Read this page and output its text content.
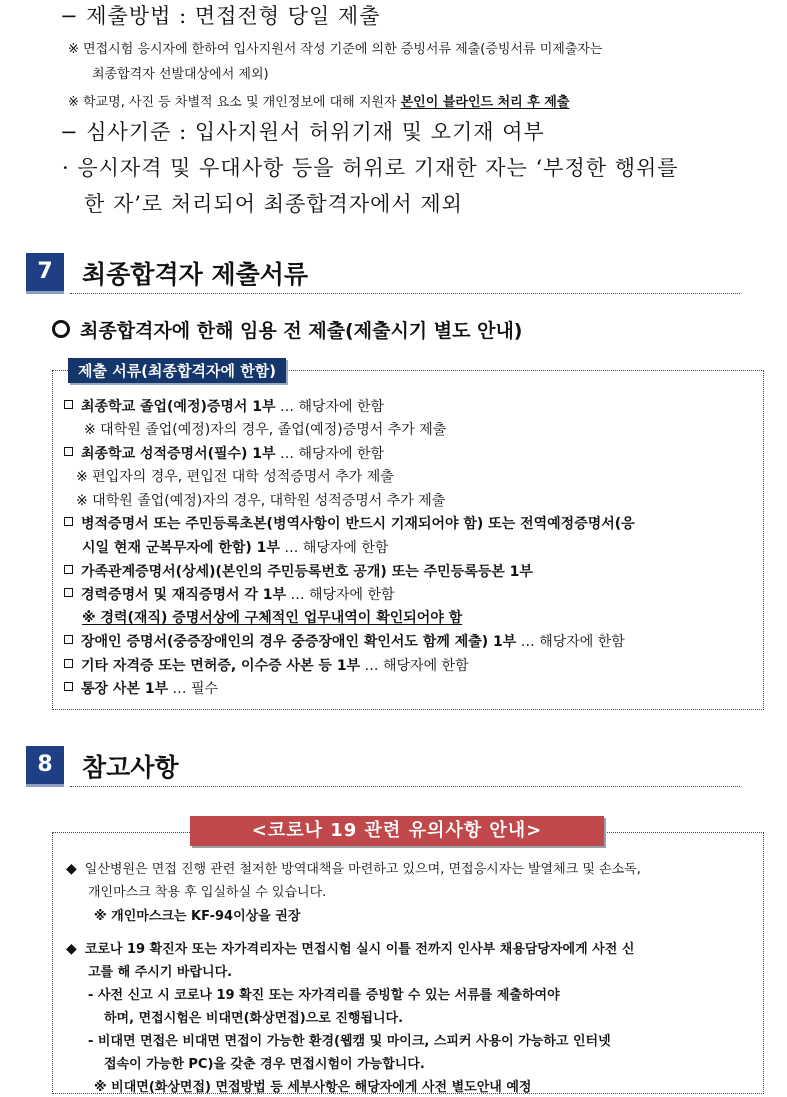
− 제출방법 : 면접전형 당일 제출
※ 면접시험 응시자에 한하여 입사지원서 작성 기준에 의한 증빙서류 제출(증빙서류 미제출자는
최종합격자 선발대상에서 제외)
※ 학교명, 사진 등 차별적 요소 및 개인정보에 대해 지원자 본인이 블라인드 처리 후 제출
− 심사기준 : 입사지원서 허위기재 및 오기재 여부
· 응시자격 및 우대사항 등을 허위로 기재한 자는 ‘부정한 행위를
한 자’로 처리되어 최종합격자에서 제외
7	최종합격자 제출서류
최종합격자에 한해 임용 전 제출(제출시기 별도 안내)
제출 서류(최종합격자에 한함)
최종학교 졸업(예정)증명서 1부 … 해당자에 한함
※ 대학원 졸업(예정)자의 경우, 졸업(예정)증명서 추가 제출
최종학교 성적증명서(필수) 1부 … 해당자에 한함
※ 편입자의 경우, 편입전 대학 성적증명서 추가 제출
※ 대학원 졸업(예정)자의 경우, 대학원 성적증명서 추가 제출
병적증명서 또는 주민등록초본(병역사항이 반드시 기재되어야 함) 또는 전역예정증명서(응
시일 현재 군복무자에 한함) 1부 … 해당자에 한함
가족관계증명서(상세)(본인의 주민등록번호 공개) 또는 주민등록등본 1부
경력증명서 및 재직증명서 각 1부 … 해당자에 한함
※ 경력(재직) 증명서상에 구체적인 업무내역이 확인되어야 함
장애인 증명서(중증장애인의 경우 중증장애인 확인서도 함께 제출) 1부 … 해당자에 한함
기타 자격증 또는 면허증, 이수증 사본 등 1부 … 해당자에 한함
통장 사본 1부 … 필수
8	참고사항
<코로나 19 관련 유의사항 안내>
◆ 일산병원은 면접 진행 관련 철저한 방역대책을 마련하고 있으며, 면접응시자는 발열체크 및 손소독,
개인마스크 착용 후 입실하실 수 있습니다.
※ 개인마스크는 KF-94이상을 권장
◆ 코로나 19 확진자 또는 자가격리자는 면접시험 실시 이틀 전까지 인사부 채용담당자에게 사전 신
고를 해 주시기 바랍니다.
- 사전 신고 시 코로나 19 확진 또는 자가격리를 증빙할 수 있는 서류를 제출하여야
하며, 면접시험은 비대면(화상면접)으로 진행됩니다.
- 비대면 면접은 비대면 면접이 가능한 환경(웹캠 및 마이크, 스피커 사용이 가능하고 인터넷
접속이 가능한 PC)을 갖춘 경우 면접시험이 가능합니다.
※ 비대면(화상면접) 면접방법 등 세부사항은 해당자에게 사전 별도안내 예정
